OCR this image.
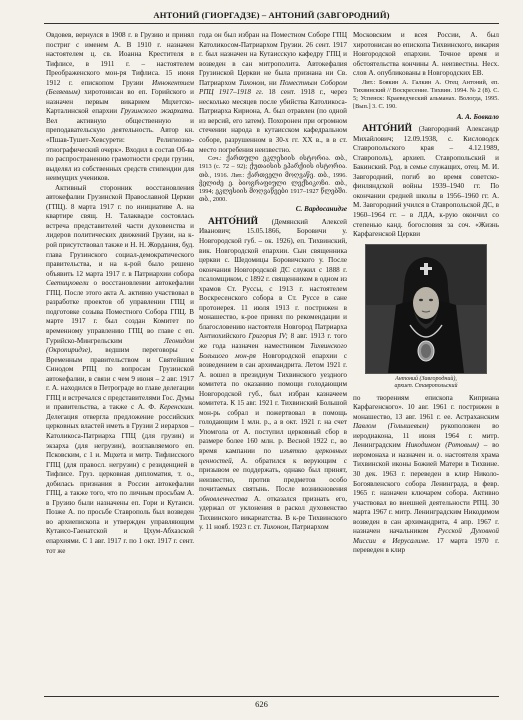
АНТОНИЙ (ГИОРГАДЗЕ) – АНТОНИЙ (ЗАВГОРОДНИЙ)

Овдовев, вернулся в 1908 г. в Грузию и принял постриг с именем А. В 1910 г. назначен настоятелем ц. св. Иоанна Крестителя в Тифлисе, в 1911 г. – настоятелем Преображенского мон-ря Тифлиса. 15 июня 1912 г. епископом Грузии Иннокентием (Беляевым) хиротонисан во еп. Горийского и назначен первым викарием Мцхетско-Карталинской епархии Грузинского экзархата. Вел активную общественную и преподавательскую деятельность. Автор кн. «Пшав-Тушет-Хевсурети: Религиозно-этнографический очерк». Входил в состав Об-ва по распространению грамотности среди грузин, выделял из собственных средств стипендии для неимущих учеников.

Активный сторонник восстановления автокефалии Грузинской Православной Церкви (ГПЦ). 8 марта 1917 г. по инициативе А. на квартире свящ. Н. Талаквадзе состоялась встреча представителей части духовенства и лидеров политических движений Грузии, на к-рой присутствовал также и Н. Н. Жордания, буд. глава Грузинского социал-демократического правительства, и на к-рой было решено объявить 12 марта 1917 г. в Патриархии собора Светицховели о восстановлении автокефалии ГПЦ. После этого акта А. активно участвовал в разработке проектов об управлении ГПЦ и подготовке созыва Поместного Собора ГПЦ. В марте 1917 г. был создан Комитет по временному управлению ГПЦ во главе с еп. Гурийско-Мингрельским	Леонидом (Окропиридзе), ведшим переговоры с Временным правительством и Святейшим Синодом РПЦ по вопросам Грузинской автокефалии, в связи с чем 9 июня – 2 авг. 1917 г. А. находился в Петрограде во главе делегации ГПЦ и встречался с представителями Гос. Думы и правительства, а также с А. Ф. Керенским. Делегация отвергла предложение российских церковных властей иметь в Грузии 2 иерархов – Католикоса-Патриарха ГПЦ (для грузин) и экзарха (для негрузин), возглавляемого еп. Псковским, с 1 и. Мцхета и митр. Тифлисского ГПЦ (для правосл. негрузин) с резиденцией в Тифлисе. Груз. церковная дипломатия, т. о., добилась признания в России автокефалии ГПЦ, а также того, что по личным просьбам А. в Грузию были назначены еп. Гори и Кутаиси. Позже А. по просьбе Ставрополь был возведен во архиепископа и утвержден управляющим Кутаисо-Гаенатской и Цхум-Абхазской епархиями. С 1 авг. 1917 г. по 1 окт. 1917 г. сент. тот же

года он был избран на Поместном Соборе ГПЦ Католикосом-Патриархом Грузии. 26 сент. 1917 г. был назначен на Кутаисскую кафедру ГПЦ и возведен в сан митрополита. Автокефалия Грузинской Церкви не была признана ни Св. Патриархом Тихоном, ни Поместным Собором РПЦ 1917–1918 гг. 18 сент. 1918 г., через несколько месяцев после убийства Католикоса-Патриарха Кириона, А. был отравлен (по одной из версий, его затем). Похоронен при огромном стечении народа в кутаисском кафедральном соборе, разрушенном в 30-х гг. XX в., в в ст. место погребения неизвестно.

Соч.: ქართული ეკლესიის ისტორია. თბ., 1913 (с. 72 – 92); ქუთაისის ეპარქიის ისტორია. თბ., 1916. Лит.: ქართველი მოღვაწე. თბ., 1996. ჭელიძე ე. ბიოგრაფიული ლექსიკონი. თბ., 1994; ეკლესიის მოღვაწეები 1917–1927 წლებში. თბ., 2000.

С. Вардосанидзе

АНТО́НИЙ (Демянский Алексей Иванович; 15.05.1866, Боровичи у. Новгородской губ. – ок. 1926), еп. Тихвинский, вик. Новгородской епархии. Сын священника церкви с. Шедомицы Боровичского у. После окончания Новгородской ДС служил с 1888 г. псаломщиком, с 1892 г. священником в одном из храмов Ст. Руссы, с 1913 г. настоятелем Воскресенского собора в Ст. Руссе в сане протоиерея. 11 июля 1913 г. пострижен в монашество, к-рое принял по рекомендации и благословению настоятеля Новгород Патриарха Антиохийского Григория IV; 8 авг. 1913 г. того же года назначен наместником Тихвинского Большого мон-ря Новгородской епархии с возведением в сан архимандрита. Летом 1921 г. А. вошел в президиум Тихвинского уездного комитета по оказанию помощи голодающим Новгородской губ., был избран казначеем комитета. К 15 авг. 1921 г. Тихвинский Большой мон-рь собрал и пожертвовал в помощь голодающим 1 млн. р., а в окт. 1921 г. на счет Упомгола от А. поступил церковный сбор в размере более 160 млн. р. Весной 1922 г., во время кампании по изъятию церковных ценностей, А. обратился к верующим с призывом ее поддержать, однако был принят, неизвестно, против предметов особо почитаемых святынь. После возникновения обновленчества А. отказался признать его, удержал от уклонения в раскол духовенство Тихвинского викариатства. В к-ре Тихвинского у. 11 нояб. 1923 г. ст. Тихоном, Патриархом

Московским и всея России, А. был хиротонисан во епископа Тихвинского, викария Новгородской епархии. Точное время и обстоятельства кончины А. неизвестны. Несх. слов А. опубликованы в Новгородских ЕВ.

Лит.: Боякин А. Галкин А. Отец Антоний, еп. Тихвинский // Воскресение. Тихвин. 1994. № 2 (8). С. 5; Успенск: Краеведческий альманах. Вологда, 1995. [Вып.] 3. С. 190.

А. А. Бовкало

АНТО́НИЙ (Завгородний Александр Михайлович; 12.09.1938, с. Кисловодск Ставропольского края – 4.12.1989, Ставрополь), архиеп. Ставропольский и Бакинский. Род. в семье служащих, отец. М. И. Завгородний, погиб во время советско-финляндской войны 1939–1940 гг. По окончании средней школы в 1956–1960 гг. А. М. Завгородний учился в Ставропольской ДС, в 1960–1964 гг. – в ЛДА, к-рую окончил со степенью канд. богословия за соч. «Жизнь Карфагенской Церкви

Антоний (Завгородний),
архиеп. Ставропольский

по творениям епископа Киприана Карфагенского». 10 авг. 1961 г. пострижен в монашество, 13 авг. 1961 г. ее. Астраханским Павлом (Голышевым) рукоположен во иеродиакона, 11 июня 1964 г. митр. Ленинградским Никодимом (Ротовым) – во иеромонаха и назначен и. о. настоятеля храма Тихвинской иконы Божией Матери в Тихвине. 30 дек. 1963 г. переведен в клир Николо-Богоявленского собора Ленинграда, в февр. 1965 г. назначен ключарем собора. Активно участвовал во внешней деятельности РПЦ. 30 марта 1967 г. митр. Ленинградским Никодимом возведен в сан архимандрита, 4 апр. 1967 г. назначен начальником Русской Духовной Миссии в Иерусалиме. 17 марта 1970 г. переведен в клир

626
